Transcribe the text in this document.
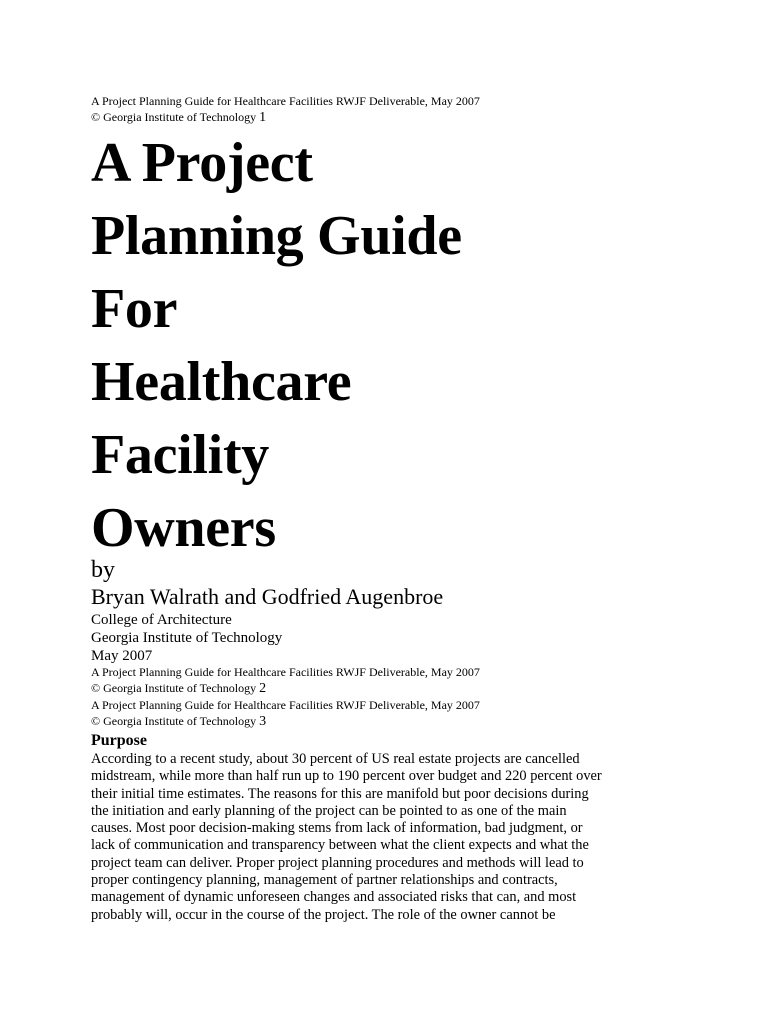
A Project Planning Guide for Healthcare Facilities RWJF Deliverable, May 2007
© Georgia Institute of Technology 1
A Project
Planning Guide
For
Healthcare
Facility
Owners
by
Bryan Walrath and Godfried Augenbroe
College of Architecture
Georgia Institute of Technology
May 2007
A Project Planning Guide for Healthcare Facilities RWJF Deliverable, May 2007
© Georgia Institute of Technology 2
A Project Planning Guide for Healthcare Facilities RWJF Deliverable, May 2007
© Georgia Institute of Technology 3
Purpose
According to a recent study, about 30 percent of US real estate projects are cancelled
midstream, while more than half run up to 190 percent over budget and 220 percent over
their initial time estimates. The reasons for this are manifold but poor decisions during
the initiation and early planning of the project can be pointed to as one of the main
causes. Most poor decision-making stems from lack of information, bad judgment, or
lack of communication and transparency between what the client expects and what the
project team can deliver. Proper project planning procedures and methods will lead to
proper contingency planning, management of partner relationships and contracts,
management of dynamic unforeseen changes and associated risks that can, and most
probably will, occur in the course of the project. The role of the owner cannot be
